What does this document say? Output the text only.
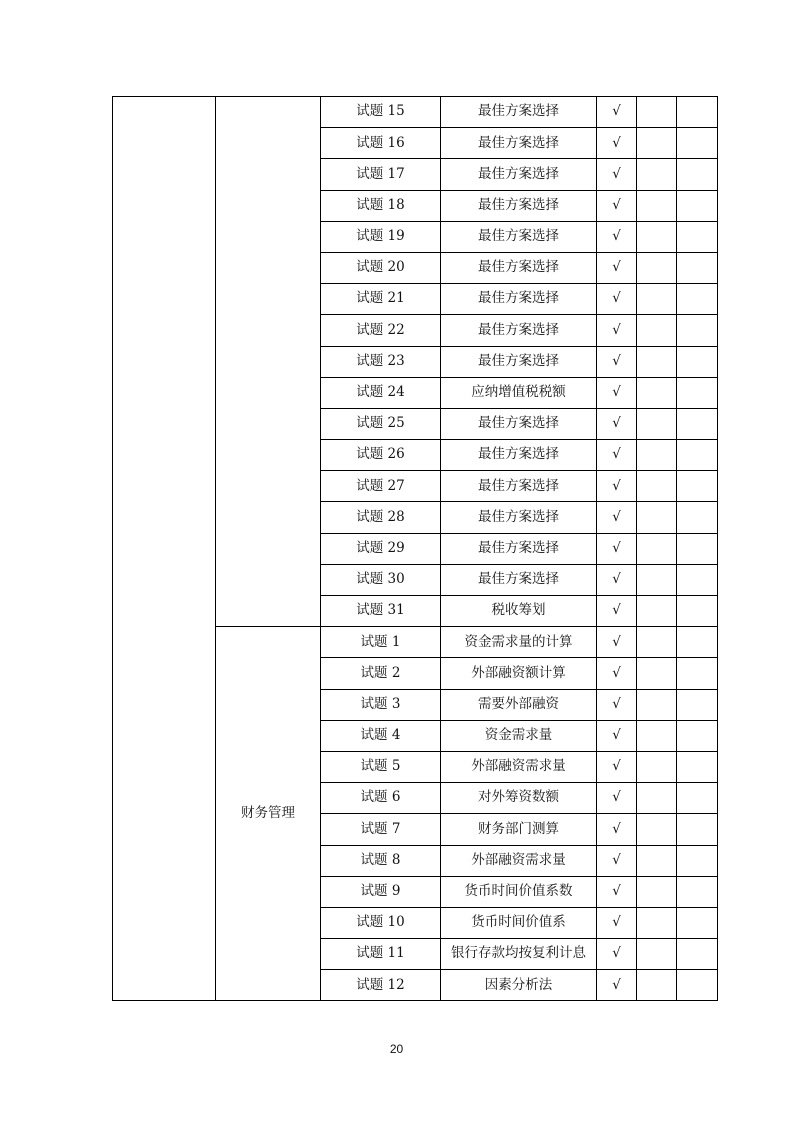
		试题 15	最佳方案选择	√		
		试题 16	最佳方案选择	√		
		试题 17	最佳方案选择	√		
		试题 18	最佳方案选择	√		
		试题 19	最佳方案选择	√		
		试题 20	最佳方案选择	√		
		试题 21	最佳方案选择	√		
		试题 22	最佳方案选择	√		
		试题 23	最佳方案选择	√		
		试题 24	应纳增值税税额	√		
		试题 25	最佳方案选择	√		
		试题 26	最佳方案选择	√		
		试题 27	最佳方案选择	√		
		试题 28	最佳方案选择	√		
		试题 29	最佳方案选择	√		
		试题 30	最佳方案选择	√		
		试题 31	税收筹划	√		
	财务管理	试题 1	资金需求量的计算	√		
		试题 2	外部融资额计算	√		
		试题 3	需要外部融资	√		
		试题 4	资金需求量	√		
		试题 5	外部融资需求量	√		
		试题 6	对外筹资数额	√		
		试题 7	财务部门测算	√		
		试题 8	外部融资需求量	√		
		试题 9	货币时间价值系数	√		
		试题 10	货币时间价值系	√		
		试题 11	银行存款均按复利计息	√		
		试题 12	因素分析法	√		
20
